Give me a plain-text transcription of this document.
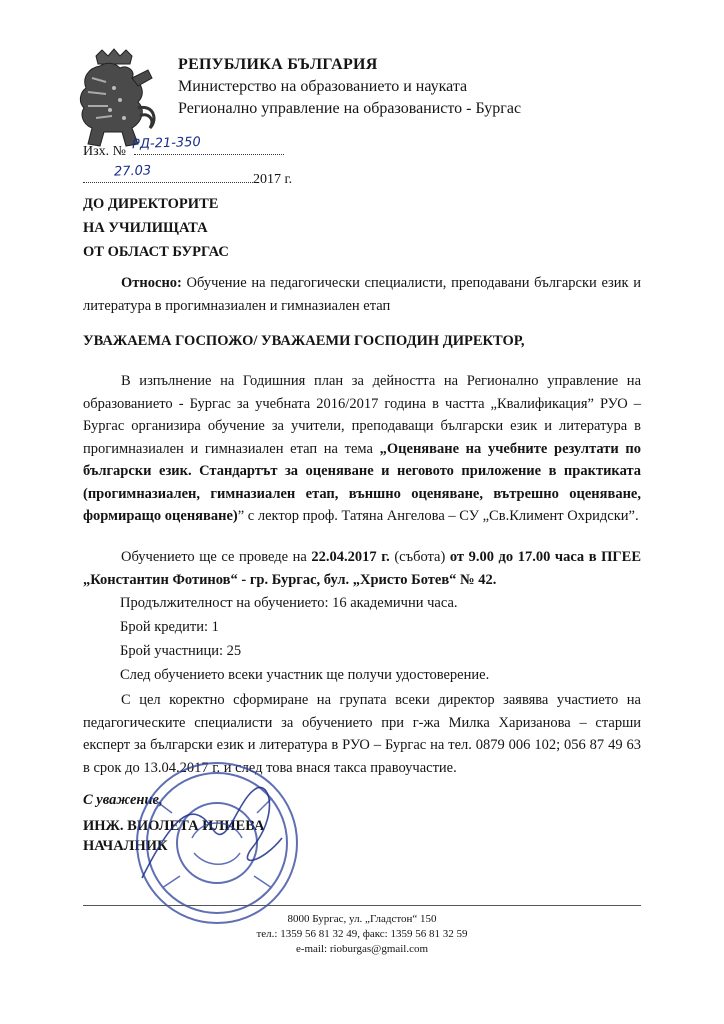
РЕПУБЛИКА БЪЛГАРИЯ
Министерство на образованието и науката
Регионално управление на образованисто - Бургас
Изх. № РД-21-350
2017 г.
27.03
ДО ДИРЕКТОРИТЕ
НА УЧИЛИЩАТА
ОТ ОБЛАСТ БУРГАС
Относно: Обучение на педагогически специалисти, преподавани български език и литература в прогимназиален и гимназиален етап
УВАЖАЕМА ГОСПОЖО/ УВАЖАЕМИ ГОСПОДИН ДИРЕКТОР,
В изпълнение на Годишния план за дейността на Регионално управление на образованието - Бургас за учебната 2016/2017 година в частта „Квалификация” РУО – Бургас организира обучение за учители, преподаващи български език и литература в прогимназиален и гимназиален етап на тема „Оценяване на учебните резултати по български език. Стандартът за оценяване и неговото приложение в практиката (прогимназиален, гимназиален етап, външно оценяване, вътрешно оценяване, формиращо оценяване)” с лектор проф. Татяна Ангелова – СУ „Св.Климент Охридски”.
Обучението ще се проведе на 22.04.2017 г. (събота) от 9.00 до 17.00 часа в ПГЕЕ „Константин Фотинов“ - гр. Бургас, бул. „Христо Ботев“ № 42.
Продължителност на обучението: 16 академични часа.
Брой кредити: 1
Брой участници: 25
След обучението всеки участник ще получи удостоверение.
С цел коректно сформиране на групата всеки директор заявява участието на педагогическите специалисти за обучението при г-жа Милка Харизанова – старши експерт за български език и литература в РУО – Бургас на тел. 0879 006 102; 056 87 49 63 в срок до 13.04.2017 г. и след това внася такса правоучастие.
С уважение,
ИНЖ. ВИОЛЕТА ИЛИЕВА
НАЧАЛНИК
8000 Бургас, ул. „Гладстон“ 150
тел.: 1359 56 81 32 49, факс: 1359 56 81 32 59
e-mail: rioburgas@gmail.com
